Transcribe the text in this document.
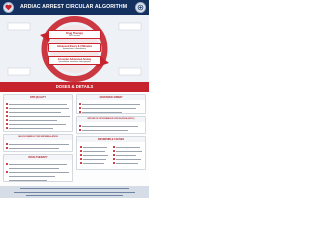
ARDIAC ARREST CIRCULAR ALGORITHM
Drug Therapy
IV/IO access
Advanced Every 2-3 Minutes
Epinephrine / amiodarone
Consider Advanced Airway
Quantitative waveform capnography
DOSES & DETAILS
CPR QUALITY	ADVANCED AIRWAY
RETURN OF SPONTANEOUS CIRCULATION (ROSC)
SHOCK ENERGY FOR DEFIBRILLATION
REVERSIBLE CAUSES
DRUG THERAPY
